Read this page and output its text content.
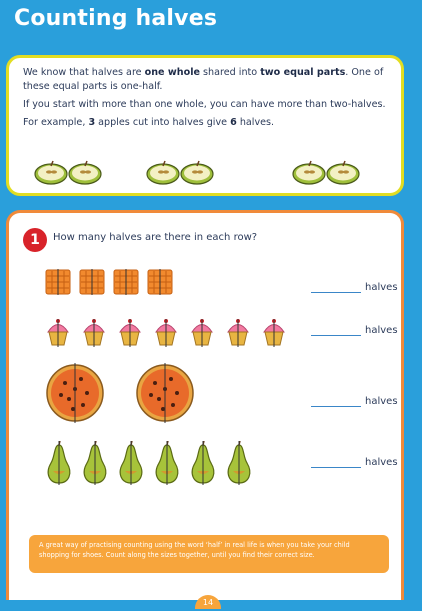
Counting halves

We know that halves are one whole shared into two equal parts. One of these equal parts is one-half.

If you start with more than one whole, you can have more than two-halves.

For example, 3 apples cut into halves give 6 halves.

1	How many halves are there in each row?
halves
halves
halves
halves
A great way of practising counting using the word ‘half’ in real life is when you take your child shopping for shoes. Count along the sizes together, until you find their correct size.
14
